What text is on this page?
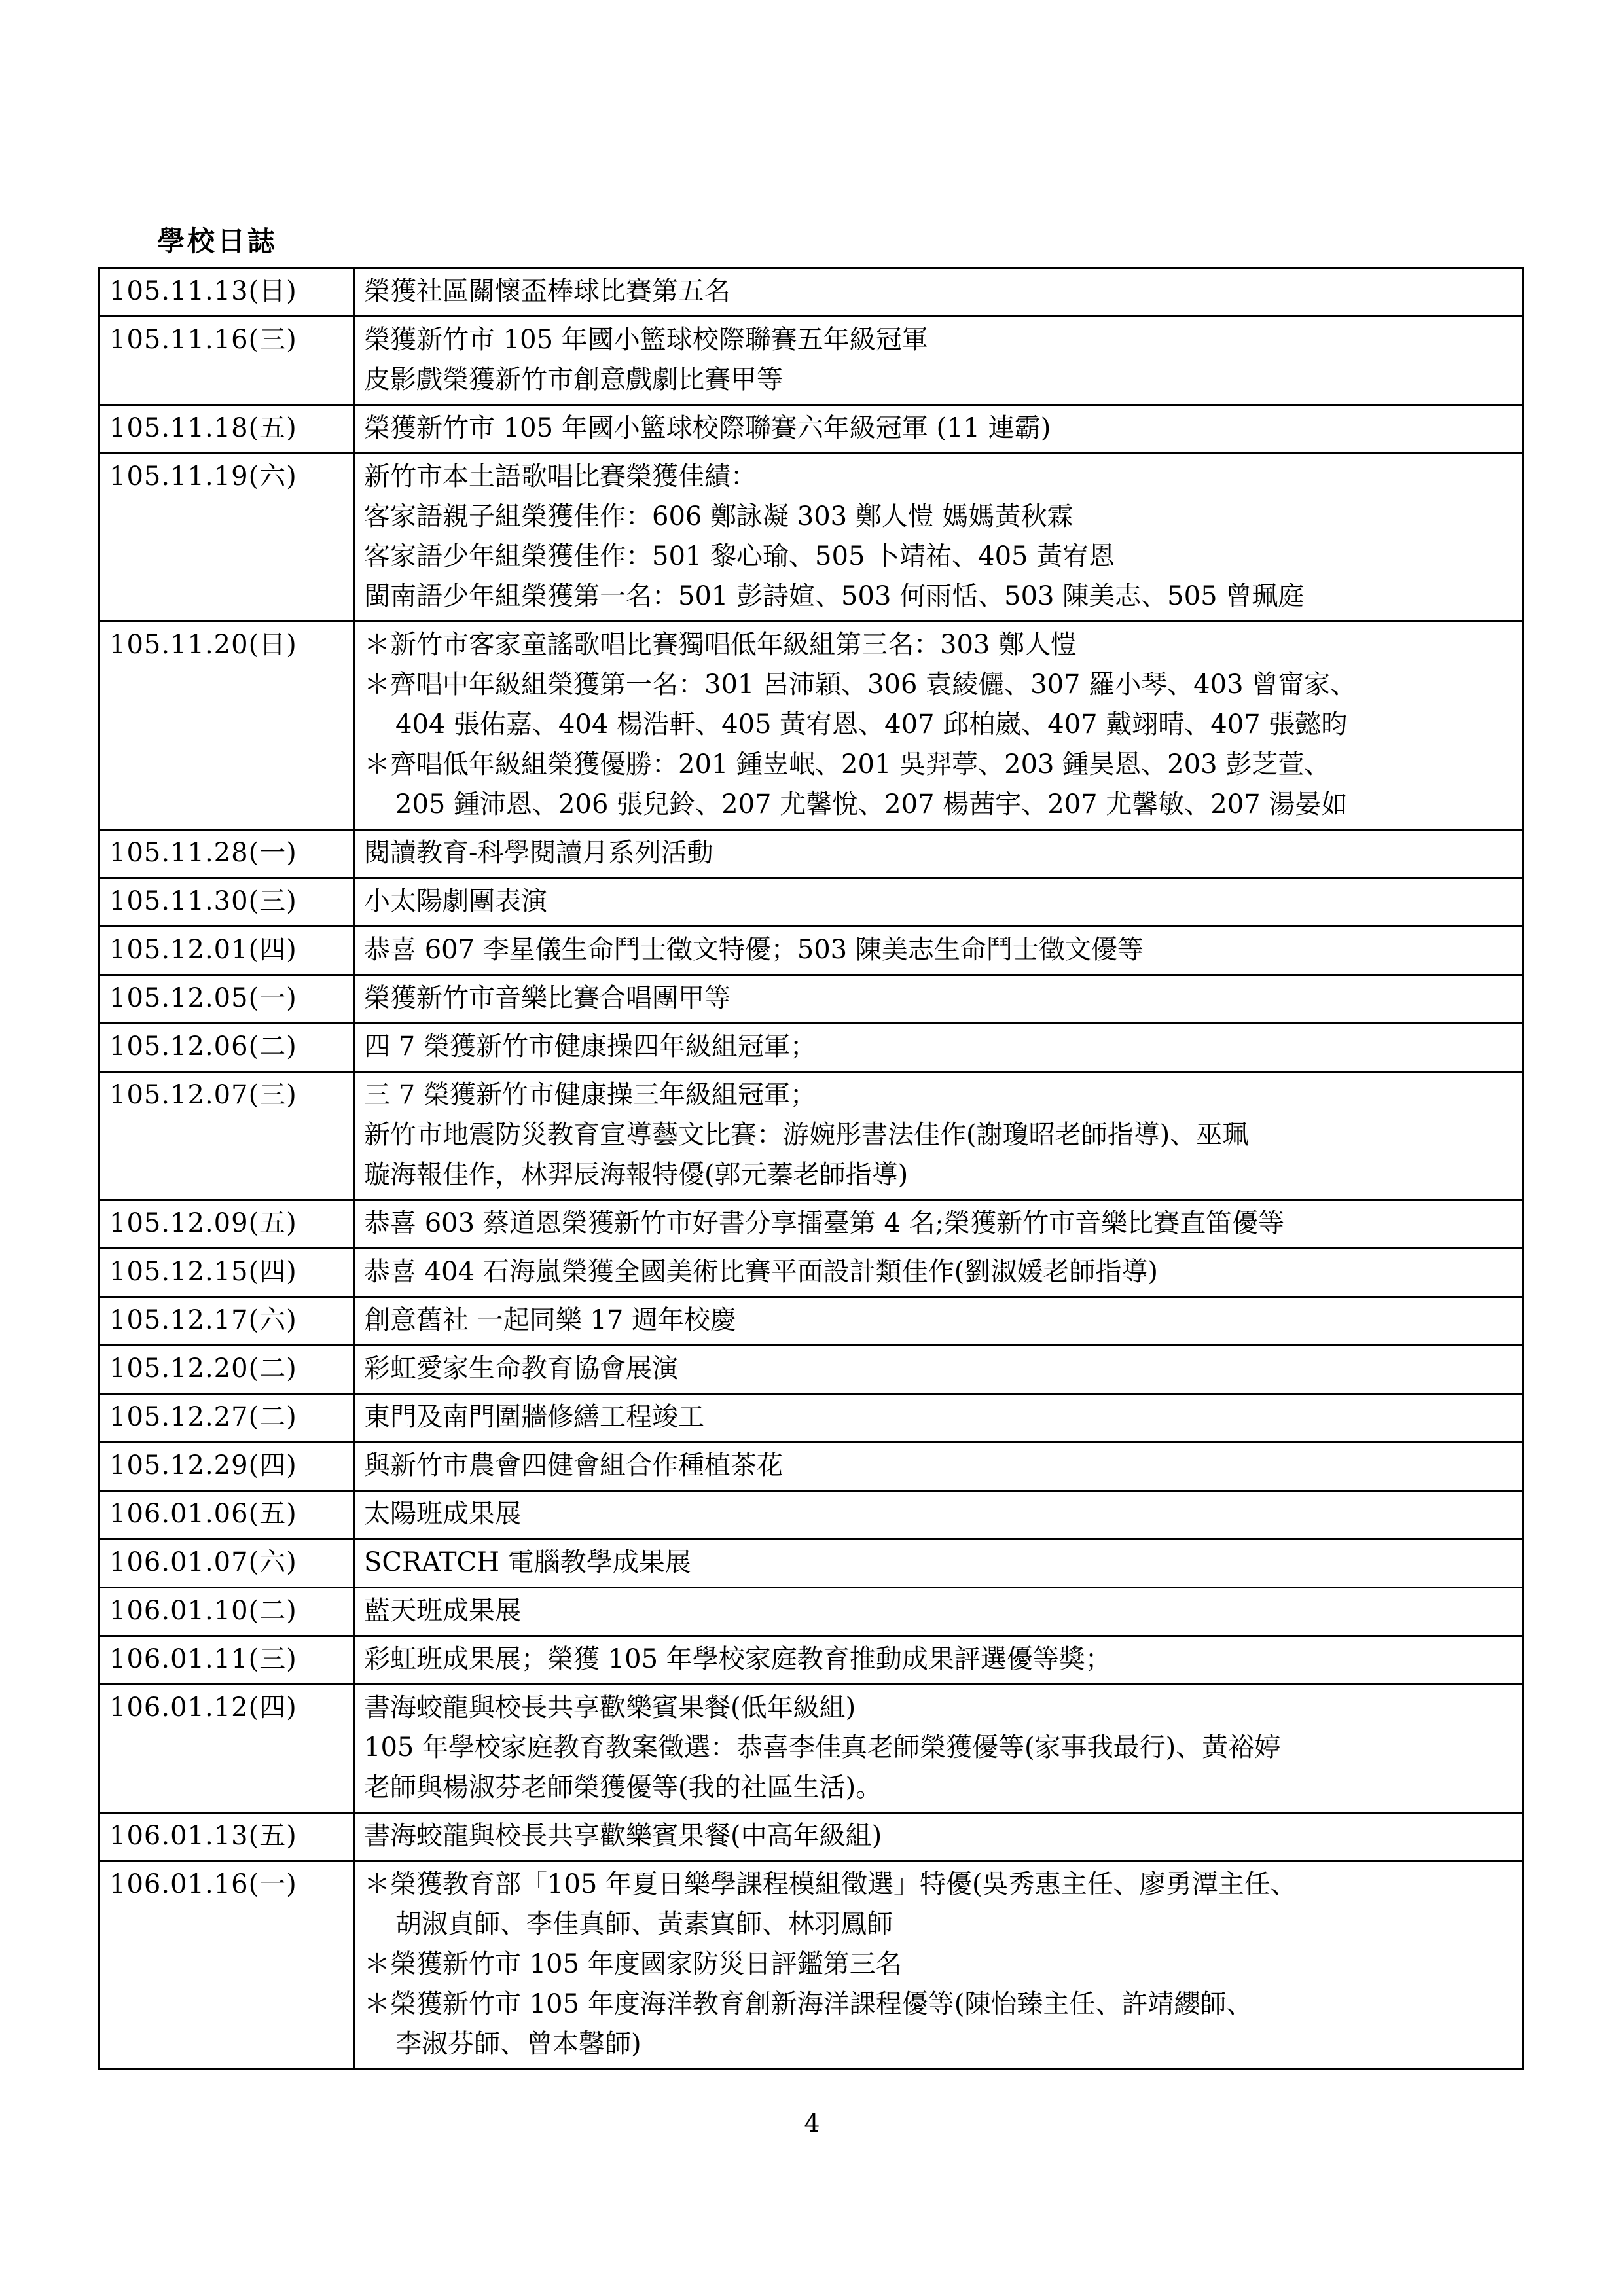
學校日誌
105.11.13(日)	榮獲社區關懷盃棒球比賽第五名

105.11.16(三)	榮獲新竹市 105 年國小籃球校際聯賽五年級冠軍
皮影戲榮獲新竹市創意戲劇比賽甲等

105.11.18(五)	榮獲新竹市 105 年國小籃球校際聯賽六年級冠軍 (11 連霸)

105.11.19(六)	新竹市本土語歌唱比賽榮獲佳績：
客家語親子組榮獲佳作：606 鄭詠凝 303 鄭人愷 媽媽黃秋霖
客家語少年組榮獲佳作：501 黎心瑜、505 卜靖祐、405 黃宥恩
閩南語少年組榮獲第一名：501 彭詩媗、503 何雨恬、503 陳美志、505 曾珮庭

105.11.20(日)	＊新竹市客家童謠歌唱比賽獨唱低年級組第三名：303 鄭人愷
＊齊唱中年級組榮獲第一名：301 呂沛穎、306 袁綾儷、307 羅小琴、403 曾甯家、
404 張佑嘉、404 楊浩軒、405 黃宥恩、407 邱柏崴、407 戴翊晴、407 張懿昀
＊齊唱低年級組榮獲優勝：201 鍾岦岷、201 吳羿葶、203 鍾昊恩、203 彭芝萱、
205 鍾沛恩、206 張兒鈴、207 尤馨悅、207 楊茜宇、207 尤馨敏、207 湯晏如

105.11.28(一)	閱讀教育-科學閱讀月系列活動

105.11.30(三)	小太陽劇團表演

105.12.01(四)	恭喜 607 李星儀生命鬥士徵文特優；503 陳美志生命鬥士徵文優等

105.12.05(一)	榮獲新竹市音樂比賽合唱團甲等

105.12.06(二)	四 7 榮獲新竹市健康操四年級組冠軍；

105.12.07(三)	三 7 榮獲新竹市健康操三年級組冠軍；
新竹市地震防災教育宣導藝文比賽：游婉彤書法佳作(謝瓊昭老師指導)、巫珮
璇海報佳作，林羿辰海報特優(郭元蓁老師指導)

105.12.09(五)	恭喜 603 蔡道恩榮獲新竹市好書分享擂臺第 4 名;榮獲新竹市音樂比賽直笛優等

105.12.15(四)	恭喜 404 石海嵐榮獲全國美術比賽平面設計類佳作(劉淑媛老師指導)

105.12.17(六)	創意舊社 一起同樂 17 週年校慶

105.12.20(二)	彩虹愛家生命教育協會展演

105.12.27(二)	東門及南門圍牆修繕工程竣工

105.12.29(四)	與新竹市農會四健會組合作種植茶花

106.01.06(五)	太陽班成果展

106.01.07(六)	SCRATCH 電腦教學成果展

106.01.10(二)	藍天班成果展

106.01.11(三)	彩虹班成果展；榮獲 105 年學校家庭教育推動成果評選優等獎；

106.01.12(四)	書海蛟龍與校長共享歡樂賓果餐(低年級組)
105 年學校家庭教育教案徵選：恭喜李佳真老師榮獲優等(家事我最行)、黃裕婷
老師與楊淑芬老師榮獲優等(我的社區生活)。

106.01.13(五)	書海蛟龍與校長共享歡樂賓果餐(中高年級組)

106.01.16(一)	＊榮獲教育部「105 年夏日樂學課程模組徵選」特優(吳秀惠主任、廖勇潭主任、
胡淑貞師、李佳真師、黃素寘師、林羽鳳師
＊榮獲新竹市 105 年度國家防災日評鑑第三名
＊榮獲新竹市 105 年度海洋教育創新海洋課程優等(陳怡臻主任、許靖纓師、
李淑芬師、曾本馨師)
4
